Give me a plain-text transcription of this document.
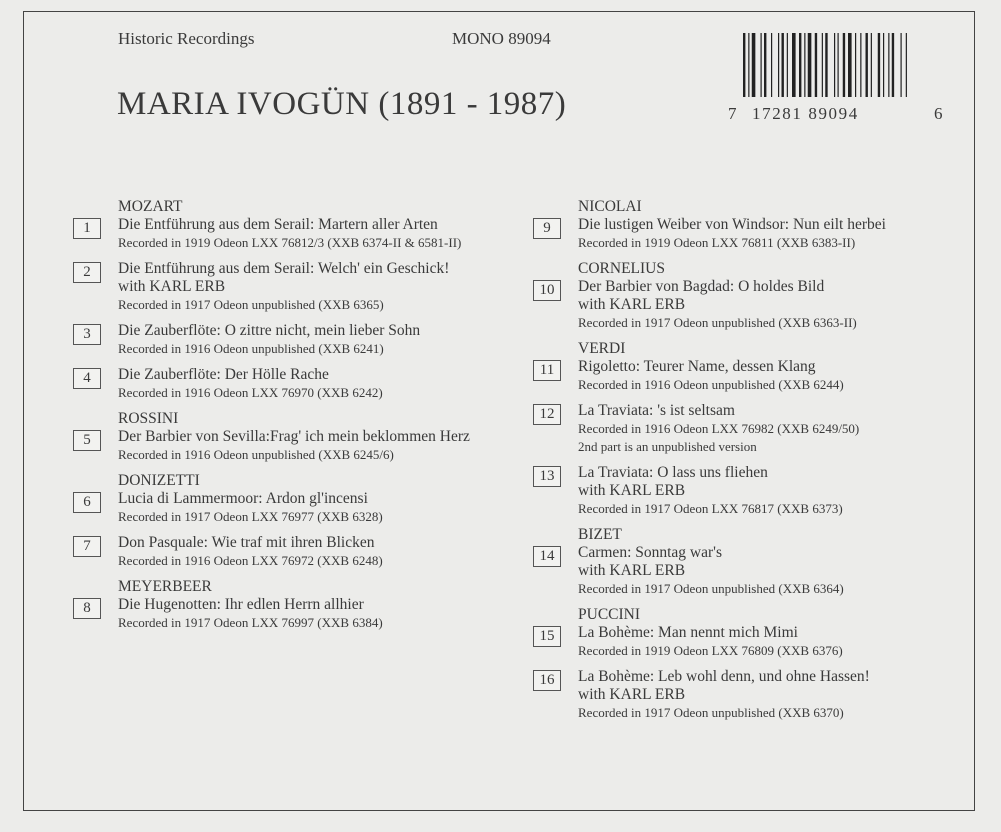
Historic Recordings	MONO 89094
MARIA IVOGÜN (1891 - 1987)	7 17281 89094	6
MOZART
1	Die Entführung aus dem Serail: Martern aller Arten
Recorded in 1919 Odeon LXX 76812/3 (XXB 6374-II & 6581-II)
2	Die Entführung aus dem Serail: Welch' ein Geschick!
with KARL ERB
Recorded in 1917 Odeon unpublished (XXB 6365)
3	Die Zauberflöte: O zittre nicht, mein lieber Sohn
Recorded in 1916 Odeon unpublished (XXB 6241)
4	Die Zauberflöte: Der Hölle Rache
Recorded in 1916 Odeon LXX 76970 (XXB 6242)
ROSSINI
5	Der Barbier von Sevilla:Frag' ich mein beklommen Herz
Recorded in 1916 Odeon unpublished (XXB 6245/6)
DONIZETTI
6	Lucia di Lammermoor: Ardon gl'incensi
Recorded in 1917 Odeon LXX 76977 (XXB 6328)
7	Don Pasquale: Wie traf mit ihren Blicken
Recorded in 1916 Odeon LXX 76972 (XXB 6248)
MEYERBEER
8	Die Hugenotten: Ihr edlen Herrn allhier
Recorded in 1917 Odeon LXX 76997 (XXB 6384)
NICOLAI
9	Die lustigen Weiber von Windsor: Nun eilt herbei
Recorded in 1919 Odeon LXX 76811 (XXB 6383-II)
CORNELIUS
10	Der Barbier von Bagdad: O holdes Bild
with KARL ERB
Recorded in 1917 Odeon unpublished (XXB 6363-II)
VERDI
11	Rigoletto: Teurer Name, dessen Klang
Recorded in 1916 Odeon unpublished (XXB 6244)
12	La Traviata: 's ist seltsam
Recorded in 1916 Odeon LXX 76982 (XXB 6249/50)
2nd part is an unpublished version
13	La Traviata: O lass uns fliehen
with KARL ERB
Recorded in 1917 Odeon LXX 76817 (XXB 6373)
BIZET
14	Carmen: Sonntag war's
with KARL ERB
Recorded in 1917 Odeon unpublished (XXB 6364)
PUCCINI
15	La Bohème: Man nennt mich Mimi
Recorded in 1919 Odeon LXX 76809 (XXB 6376)
16	La Bohème: Leb wohl denn, und ohne Hassen!
with KARL ERB
Recorded in 1917 Odeon unpublished (XXB 6370)
